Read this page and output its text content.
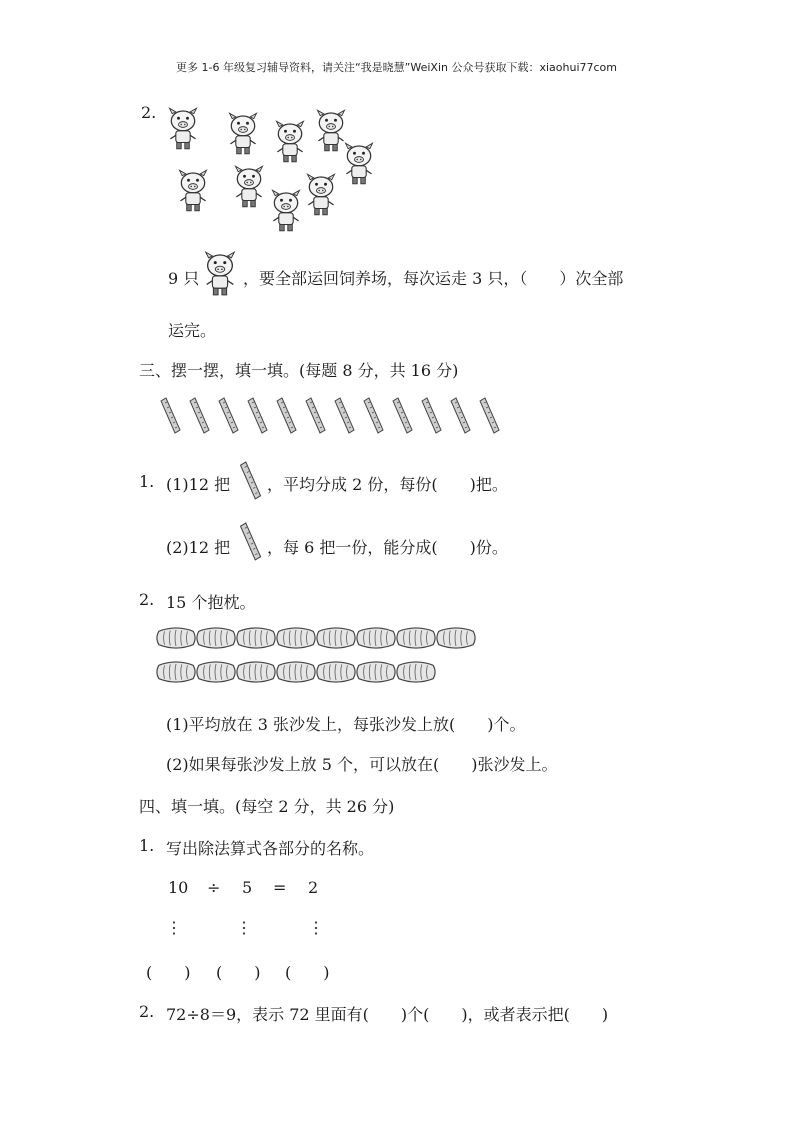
更多 1-6 年级复习辅导资料，请关注“我是晓慧”WeiXin 公众号获取下载：xiaohui77com
2.
9 只	，要全部运回饲养场，每次运走 3 只，（　　）次全部
运完。
三、摆一摆，填一填。(每题 8 分，共 16 分)
1. (1)12 把 ，平均分成 2 份，每份(　　)把。
(2)12 把 ，每 6 把一份，能分成(　　)份。
2. 15 个抱枕。
(1)平均放在 3 张沙发上，每张沙发上放(　　)个。
(2)如果每张沙发上放 5 个，可以放在(　　)张沙发上。
四、填一填。(每空 2 分，共 26 分)
1. 写出除法算式各部分的名称。
10 ÷ 5 = 2
⋮	⋮	⋮
(　　) (　　) (　　)
2. 72÷8＝9，表示 72 里面有(　　)个(　　)，或者表示把(　　)
